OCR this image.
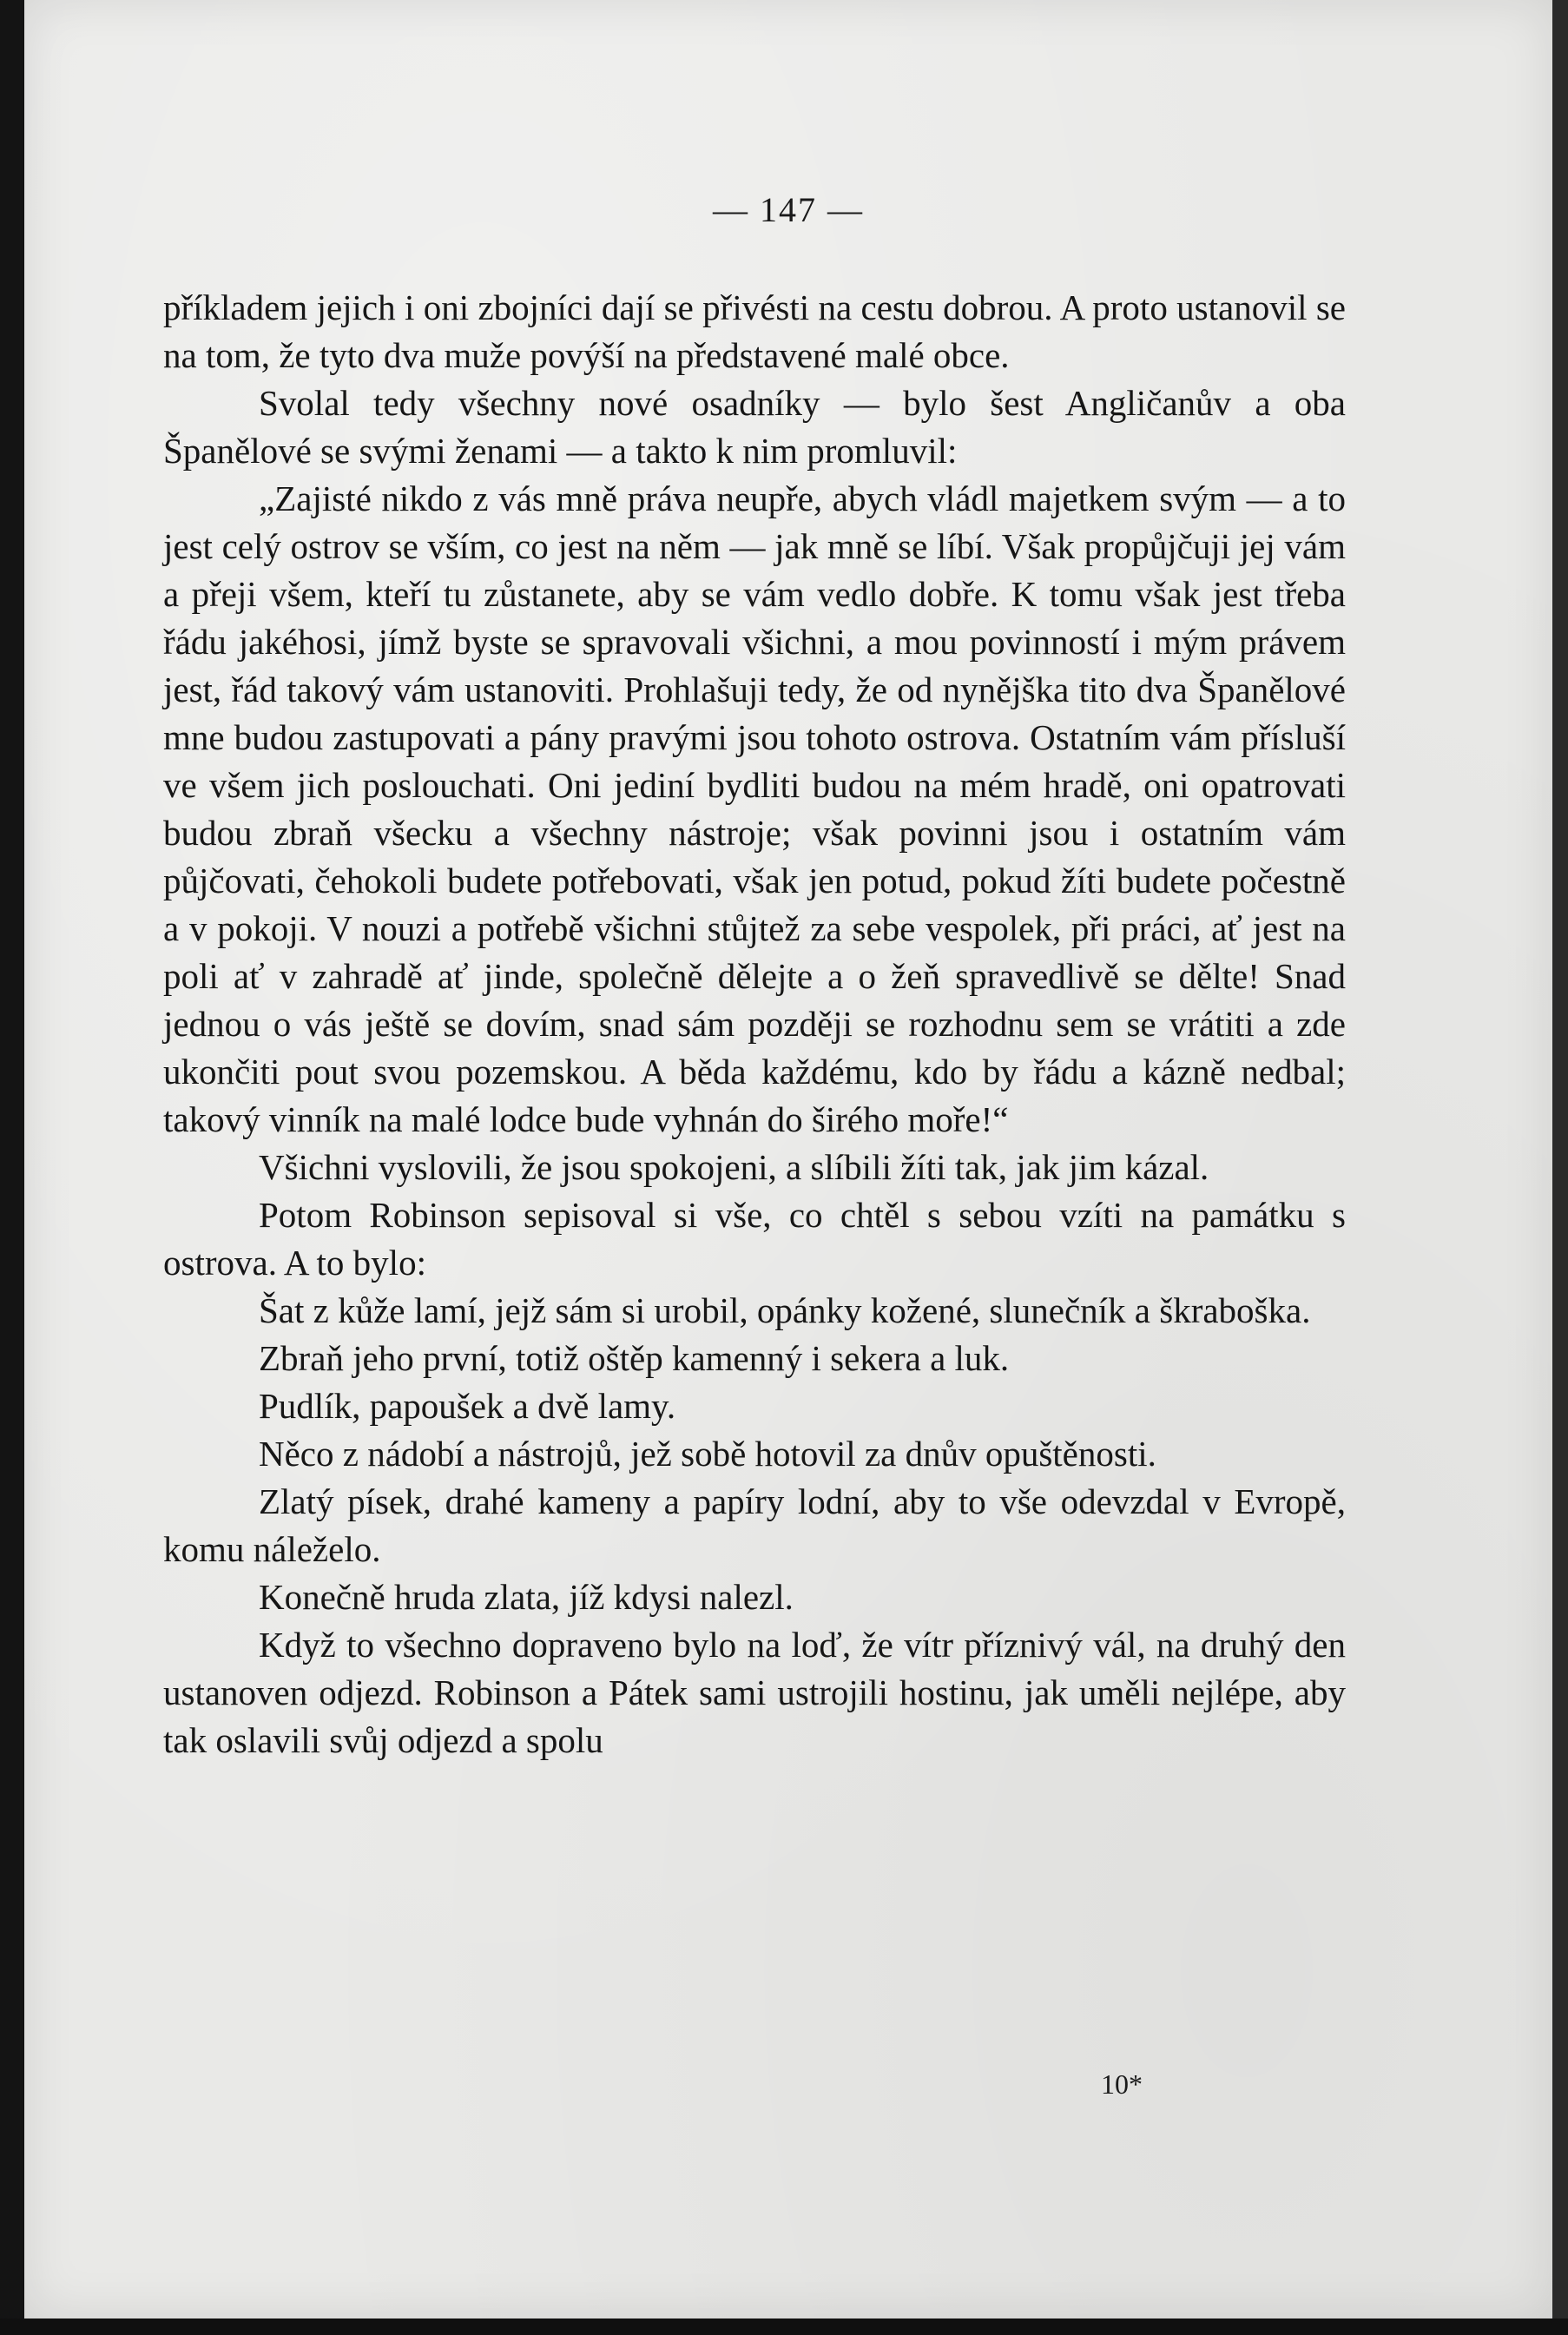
— 147 —

příkladem jejich i oni zbojníci dají se přivésti na cestu dobrou. A proto ustanovil se na tom, že tyto dva muže povýší na představené malé obce.

Svolal tedy všechny nové osadníky — bylo šest Angličanův a oba Španělové se svými ženami — a takto k nim promluvil:

„Zajisté nikdo z vás mně práva neupře, abych vládl majetkem svým — a to jest celý ostrov se vším, co jest na něm — jak mně se líbí. Však propůjčuji jej vám a přeji všem, kteří tu zůstanete, aby se vám vedlo dobře. K tomu však jest třeba řádu jakéhosi, jímž byste se spravovali všichni, a mou povinností i mým právem jest, řád takový vám ustanoviti. Prohlašuji tedy, že od nynějška tito dva Španělové mne budou zastupovati a pány pravými jsou tohoto ostrova. Ostatním vám přísluší ve všem jich poslouchati. Oni jediní bydliti budou na mém hradě, oni opatrovati budou zbraň všecku a všechny nástroje; však povinni jsou i ostatním vám půjčovati, čehokoli budete potřebovati, však jen potud, pokud žíti budete počestně a v pokoji. V nouzi a potřebě všichni stůjtež za sebe vespolek, při práci, ať jest na poli ať v zahradě ať jinde, společně dělejte a o žeň spravedlivě se dělte! Snad jednou o vás ještě se dovím, snad sám později se rozhodnu sem se vrátiti a zde ukončiti pout svou pozemskou. A běda každému, kdo by řádu a kázně nedbal; takový vinník na malé lodce bude vyhnán do širého moře!“

Všichni vyslovili, že jsou spokojeni, a slíbili žíti tak, jak jim kázal.

Potom Robinson sepisoval si vše, co chtěl s sebou vzíti na památku s ostrova. A to bylo:

Šat z kůže lamí, jejž sám si urobil, opánky kožené, slunečník a škraboška.

Zbraň jeho první, totiž oštěp kamenný i sekera a luk.

Pudlík, papoušek a dvě lamy.

Něco z nádobí a nástrojů, jež sobě hotovil za dnův opuštěnosti.

Zlatý písek, drahé kameny a papíry lodní, aby to vše odevzdal v Evropě, komu náleželo.

Konečně hruda zlata, jíž kdysi nalezl.

Když to všechno dopraveno bylo na loď, že vítr příznivý vál, na druhý den ustanoven odjezd. Robinson a Pátek sami ustrojili hostinu, jak uměli nejlépe, aby tak oslavili svůj odjezd a spolu

10*
